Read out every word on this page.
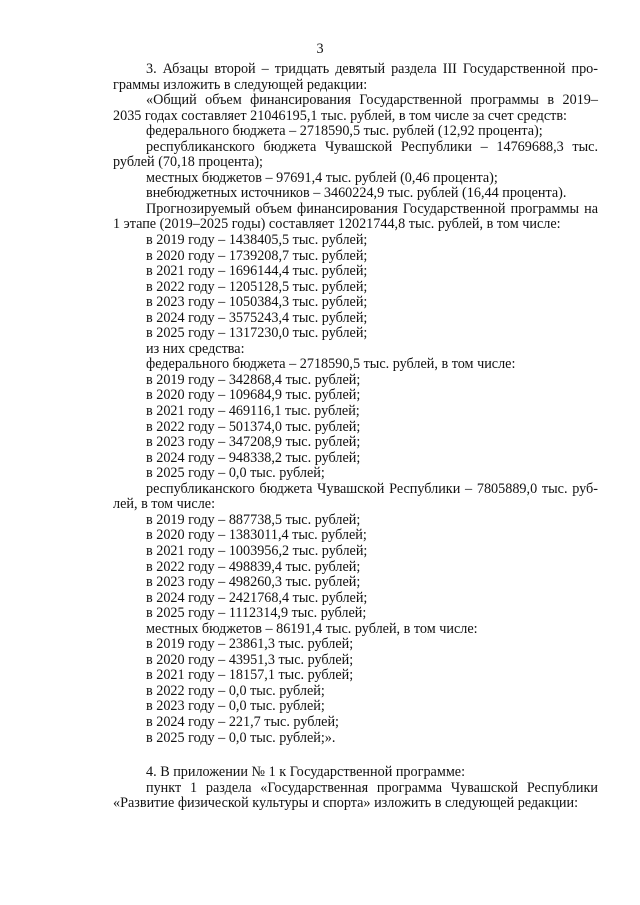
3
3. Абзацы второй – тридцать девятый раздела III Государственной про-
граммы изложить в следующей редакции:
«Общий объем финансирования Государственной программы в 2019–
2035 годах составляет 21046195,1 тыс. рублей, в том числе за счет средств:
федерального бюджета – 2718590,5 тыс. рублей (12,92 процента);
республиканского бюджета Чувашской Республики – 14769688,3 тыс.
рублей (70,18 процента);
местных бюджетов – 97691,4 тыс. рублей (0,46 процента);
внебюджетных источников – 3460224,9 тыс. рублей (16,44 процента).
Прогнозируемый объем финансирования Государственной программы на
1 этапе (2019–2025 годы) составляет 12021744,8 тыс. рублей, в том числе:
в 2019 году – 1438405,5 тыс. рублей;
в 2020 году – 1739208,7 тыс. рублей;
в 2021 году – 1696144,4 тыс. рублей;
в 2022 году – 1205128,5 тыс. рублей;
в 2023 году – 1050384,3 тыс. рублей;
в 2024 году – 3575243,4 тыс. рублей;
в 2025 году – 1317230,0 тыс. рублей;
из них средства:
федерального бюджета – 2718590,5 тыс. рублей, в том числе:
в 2019 году – 342868,4 тыс. рублей;
в 2020 году – 109684,9 тыс. рублей;
в 2021 году – 469116,1 тыс. рублей;
в 2022 году – 501374,0 тыс. рублей;
в 2023 году – 347208,9 тыс. рублей;
в 2024 году – 948338,2 тыс. рублей;
в 2025 году – 0,0 тыс. рублей;
республиканского бюджета Чувашской Республики – 7805889,0 тыс. руб-
лей, в том числе:
в 2019 году – 887738,5 тыс. рублей;
в 2020 году – 1383011,4 тыс. рублей;
в 2021 году – 1003956,2 тыс. рублей;
в 2022 году – 498839,4 тыс. рублей;
в 2023 году – 498260,3 тыс. рублей;
в 2024 году – 2421768,4 тыс. рублей;
в 2025 году – 1112314,9 тыс. рублей;
местных бюджетов – 86191,4 тыс. рублей, в том числе:
в 2019 году – 23861,3 тыс. рублей;
в 2020 году – 43951,3 тыс. рублей;
в 2021 году – 18157,1 тыс. рублей;
в 2022 году – 0,0 тыс. рублей;
в 2023 году – 0,0 тыс. рублей;
в 2024 году – 221,7 тыс. рублей;
в 2025 году – 0,0 тыс. рублей;».
4. В приложении № 1 к Государственной программе:
пункт 1 раздела «Государственная программа Чувашской Республики
«Развитие физической культуры и спорта» изложить в следующей редакции:
